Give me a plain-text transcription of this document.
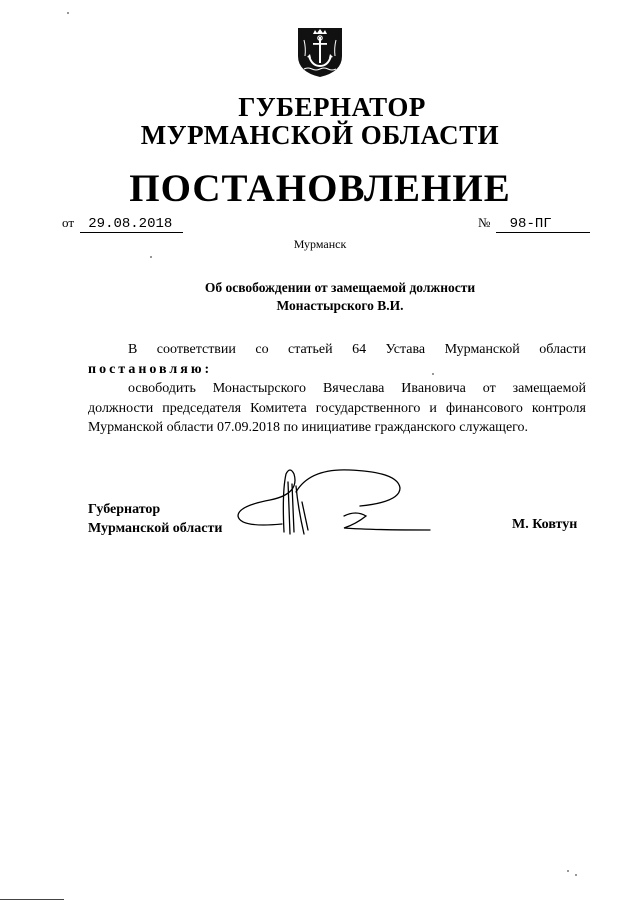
ГУБЕРНАТОР
МУРМАНСКОЙ ОБЛАСТИ
ПОСТАНОВЛЕНИЕ
от 29.08.2018	№ 98-ПГ
Мурманск
Об освобождении от замещаемой должности
Монастырского В.И.

В соответствии со статьей 64 Устава Мурманской области

постановляю:

освободить Монастырского Вячеслава Ивановича от замещаемой должности председателя Комитета государственного и финансового контроля Мурманской области 07.09.2018 по инициативе гражданского служащего.

Губернатор
Мурманской области	М. Ковтун
